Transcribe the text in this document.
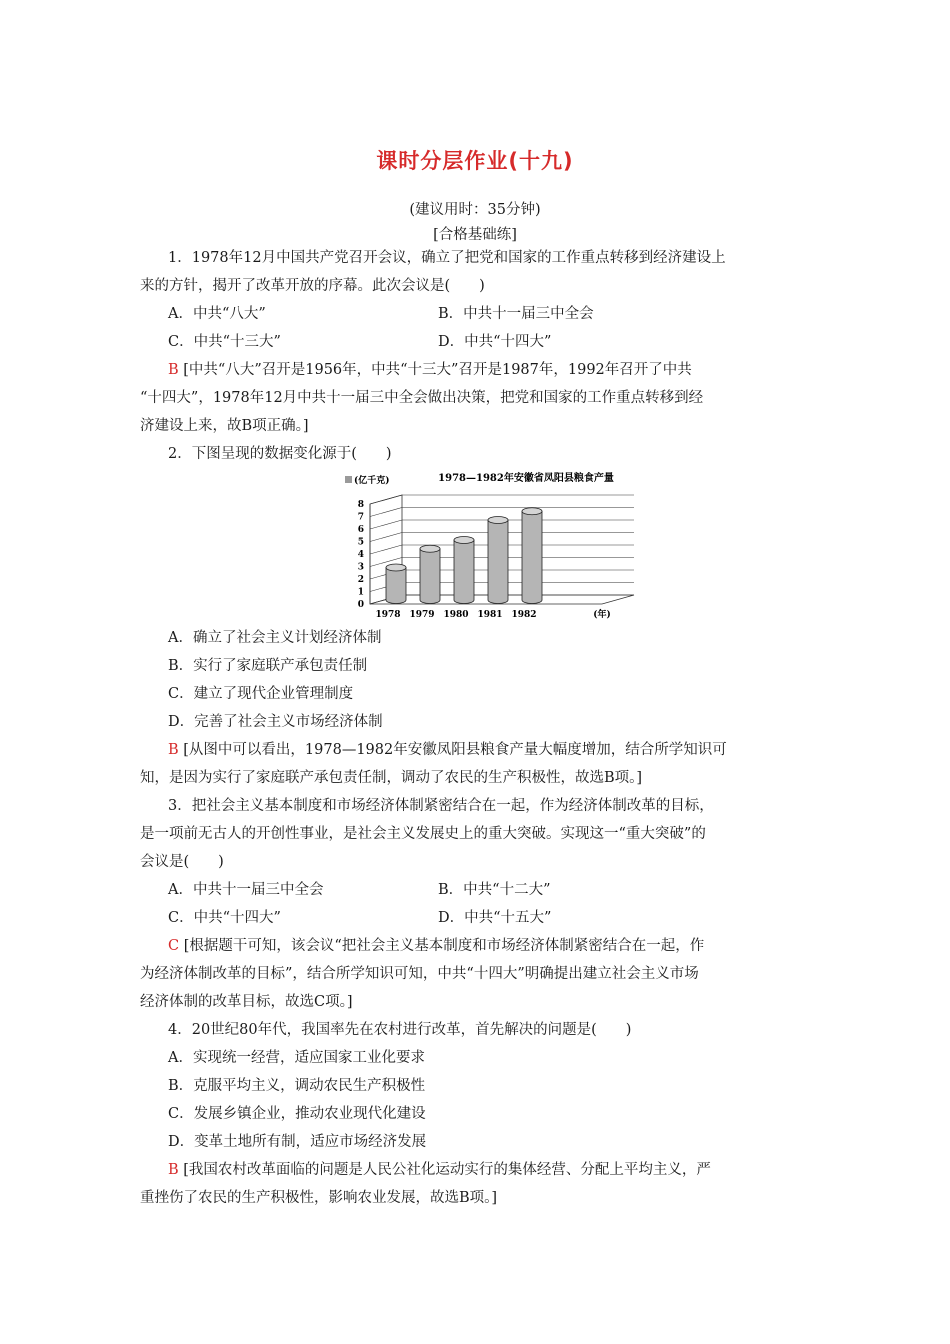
课时分层作业(十九)
(建议用时：35分钟)
[合格基础练]
1．1978年12月中国共产党召开会议，确立了把党和国家的工作重点转移到经济建设上
来的方针，揭开了改革开放的序幕。此次会议是(　　)
A．中共“八大”	B．中共十一届三中全会
C．中共“十三大”	D．中共“十四大”
B [中共“八大”召开是1956年，中共“十三大”召开是1987年，1992年召开了中共
“十四大”，1978年12月中共十一届三中全会做出决策，把党和国家的工作重点转移到经
济建设上来，故B项正确。]
2．下图呈现的数据变化源于(　　)
0
1
2
3
4
5
6
7
8
1978 1979 1980 1981 1982
(亿千克)	1978—1982年安徽省凤阳县粮食产量
(年)
A．确立了社会主义计划经济体制
B．实行了家庭联产承包责任制
C．建立了现代企业管理制度
D．完善了社会主义市场经济体制
B [从图中可以看出，1978—1982年安徽凤阳县粮食产量大幅度增加，结合所学知识可
知，是因为实行了家庭联产承包责任制，调动了农民的生产积极性，故选B项。]
3．把社会主义基本制度和市场经济体制紧密结合在一起，作为经济体制改革的目标，
是一项前无古人的开创性事业，是社会主义发展史上的重大突破。实现这一“重大突破”的
会议是(　　)
A．中共十一届三中全会	B．中共“十二大”
C．中共“十四大”	D．中共“十五大”
C [根据题干可知，该会议“把社会主义基本制度和市场经济体制紧密结合在一起，作
为经济体制改革的目标”，结合所学知识可知，中共“十四大”明确提出建立社会主义市场
经济体制的改革目标，故选C项。]
4．20世纪80年代，我国率先在农村进行改革，首先解决的问题是(　　)
A．实现统一经营，适应国家工业化要求
B．克服平均主义，调动农民生产积极性
C．发展乡镇企业，推动农业现代化建设
D．变革土地所有制，适应市场经济发展
B [我国农村改革面临的问题是人民公社化运动实行的集体经营、分配上平均主义，严
重挫伤了农民的生产积极性，影响农业发展，故选B项。]
